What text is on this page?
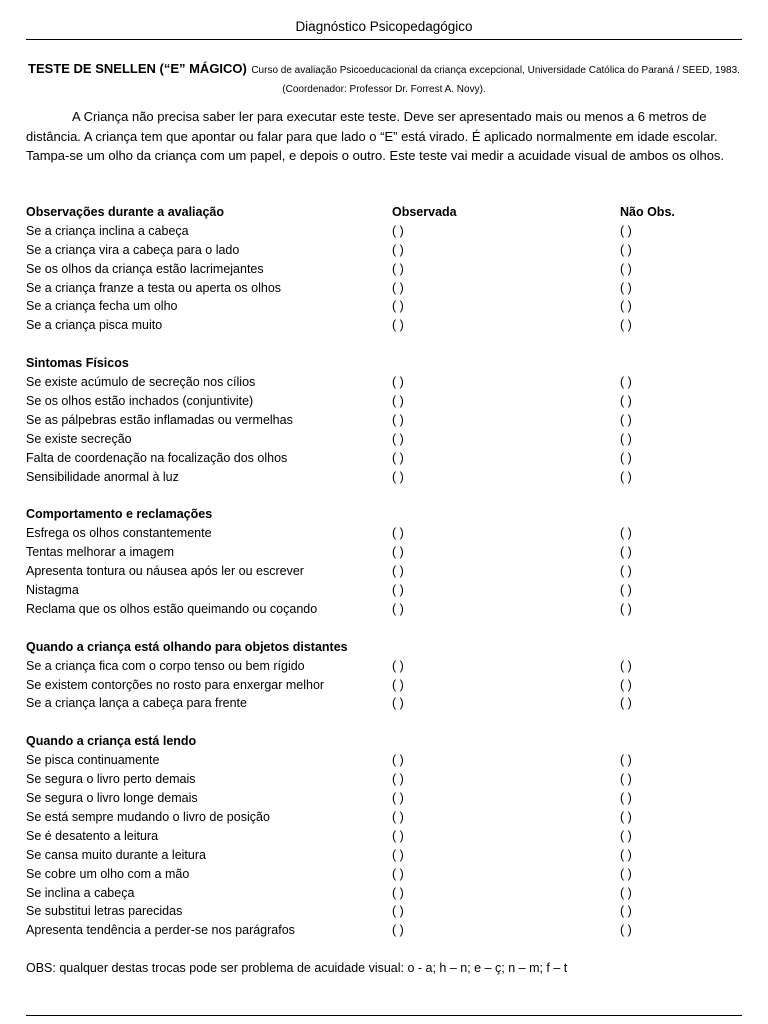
Diagnóstico Psicopedagógico
TESTE DE SNELLEN (“E” MÁGICO) Curso de avaliação Psicoeducacional da criança excepcional, Universidade Católica do Paraná / SEED, 1983. (Coordenador: Professor Dr. Forrest A. Novy).

A Criança não precisa saber ler para executar este teste. Deve ser apresentado mais ou menos a 6 metros de distância. A criança tem que apontar ou falar para que lado o “E” está virado. É aplicado normalmente em idade escolar. Tampa-se um olho da criança com um papel, e depois o outro. Este teste vai medir a acuidade visual de ambos os olhos.

Observações durante a avaliação	Observada	Não Obs.
Se a criança inclina a cabeça	( )	( )
Se a criança vira a cabeça para o lado	( )	( )
Se os olhos da criança estão lacrimejantes	( )	( )
Se a criança franze a testa ou aperta os olhos	( )	( )
Se a criança fecha um olho	( )	( )
Se a criança pisca muito	( )	( )
Sintomas Físicos
Se existe acúmulo de secreção nos cílios	( )	( )
Se os olhos estão inchados (conjuntivite)	( )	( )
Se as pálpebras estão inflamadas ou vermelhas	( )	( )
Se existe secreção	( )	( )
Falta de coordenação na focalização dos olhos	( )	( )
Sensibilidade anormal à luz	( )	( )
Comportamento e reclamações
Esfrega os olhos constantemente	( )	( )
Tentas melhorar a imagem	( )	( )
Apresenta tontura ou náusea após ler ou escrever	( )	( )
Nistagma	( )	( )
Reclama que os olhos estão queimando ou coçando	( )	( )
Quando a criança está olhando para objetos distantes
Se a criança fica com o corpo tenso ou bem rígido	( )	( )
Se existem contorções no rosto para enxergar melhor	( )	( )
Se a criança lança a cabeça para frente	( )	( )
Quando a criança está lendo
Se pisca continuamente	( )	( )
Se segura o livro perto demais	( )	( )
Se segura o livro longe demais	( )	( )
Se está sempre mudando o livro de posição	( )	( )
Se é desatento a leitura	( )	( )
Se cansa muito durante a leitura	( )	( )
Se cobre um olho com a mão	( )	( )
Se inclina a cabeça	( )	( )
Se substitui letras parecidas	( )	( )
Apresenta tendência a perder-se nos parágrafos	( )	( )
OBS: qualquer destas trocas pode ser problema de acuidade visual: o - a; h – n; e – ç; n – m; f – t
